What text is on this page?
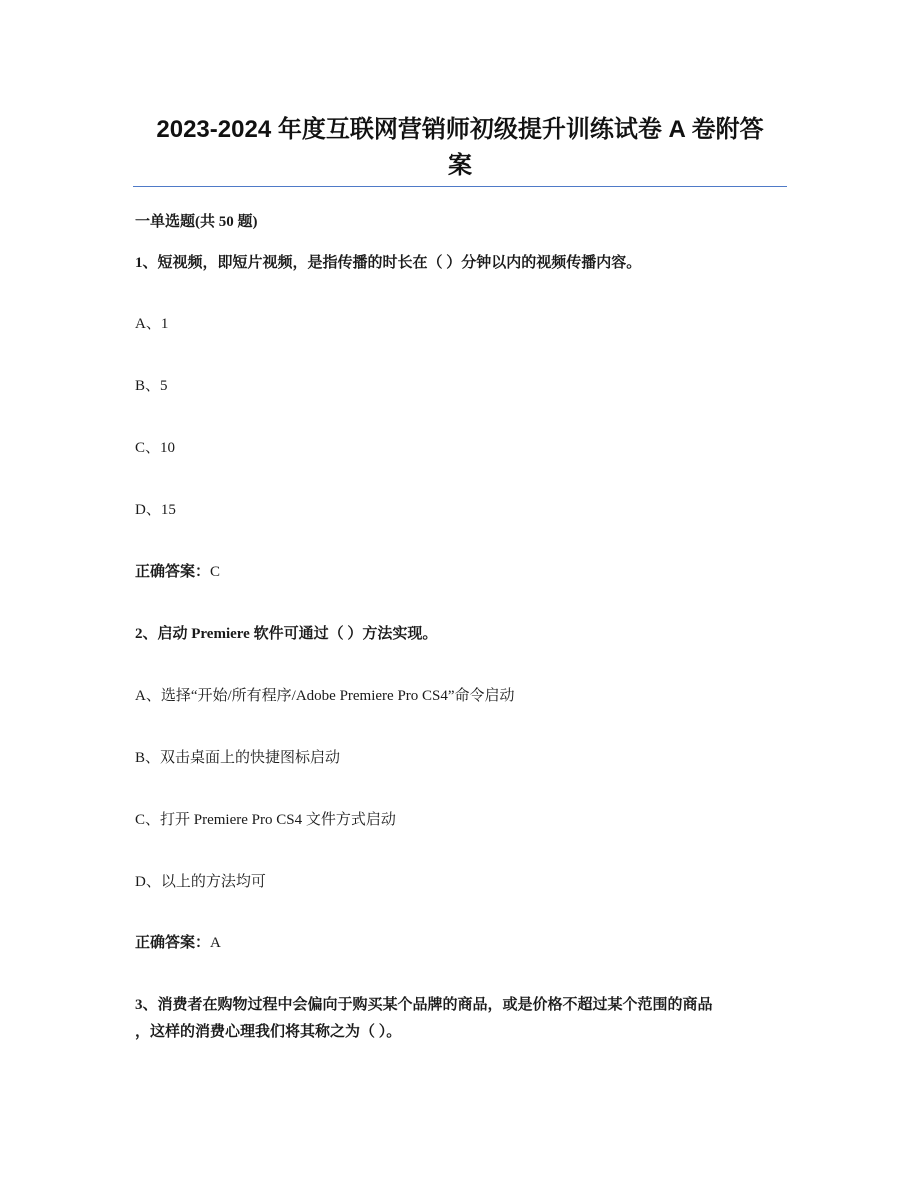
2023-2024 年度互联网营销师初级提升训练试卷 A 卷附答
案
一单选题(共 50 题)
1、短视频，即短片视频，是指传播的时长在（ ）分钟以内的视频传播内容。
A、1
B、5
C、10
D、15
正确答案：C
2、启动 Premiere 软件可通过（ ）方法实现。
A、选择“开始/所有程序/Adobe Premiere Pro CS4”命令启动
B、双击桌面上的快捷图标启动
C、打开 Premiere Pro CS4 文件方式启动
D、以上的方法均可
正确答案：A
3、消费者在购物过程中会偏向于购买某个品牌的商品，或是价格不超过某个范围的商品
，这样的消费心理我们将其称之为（ ）。
